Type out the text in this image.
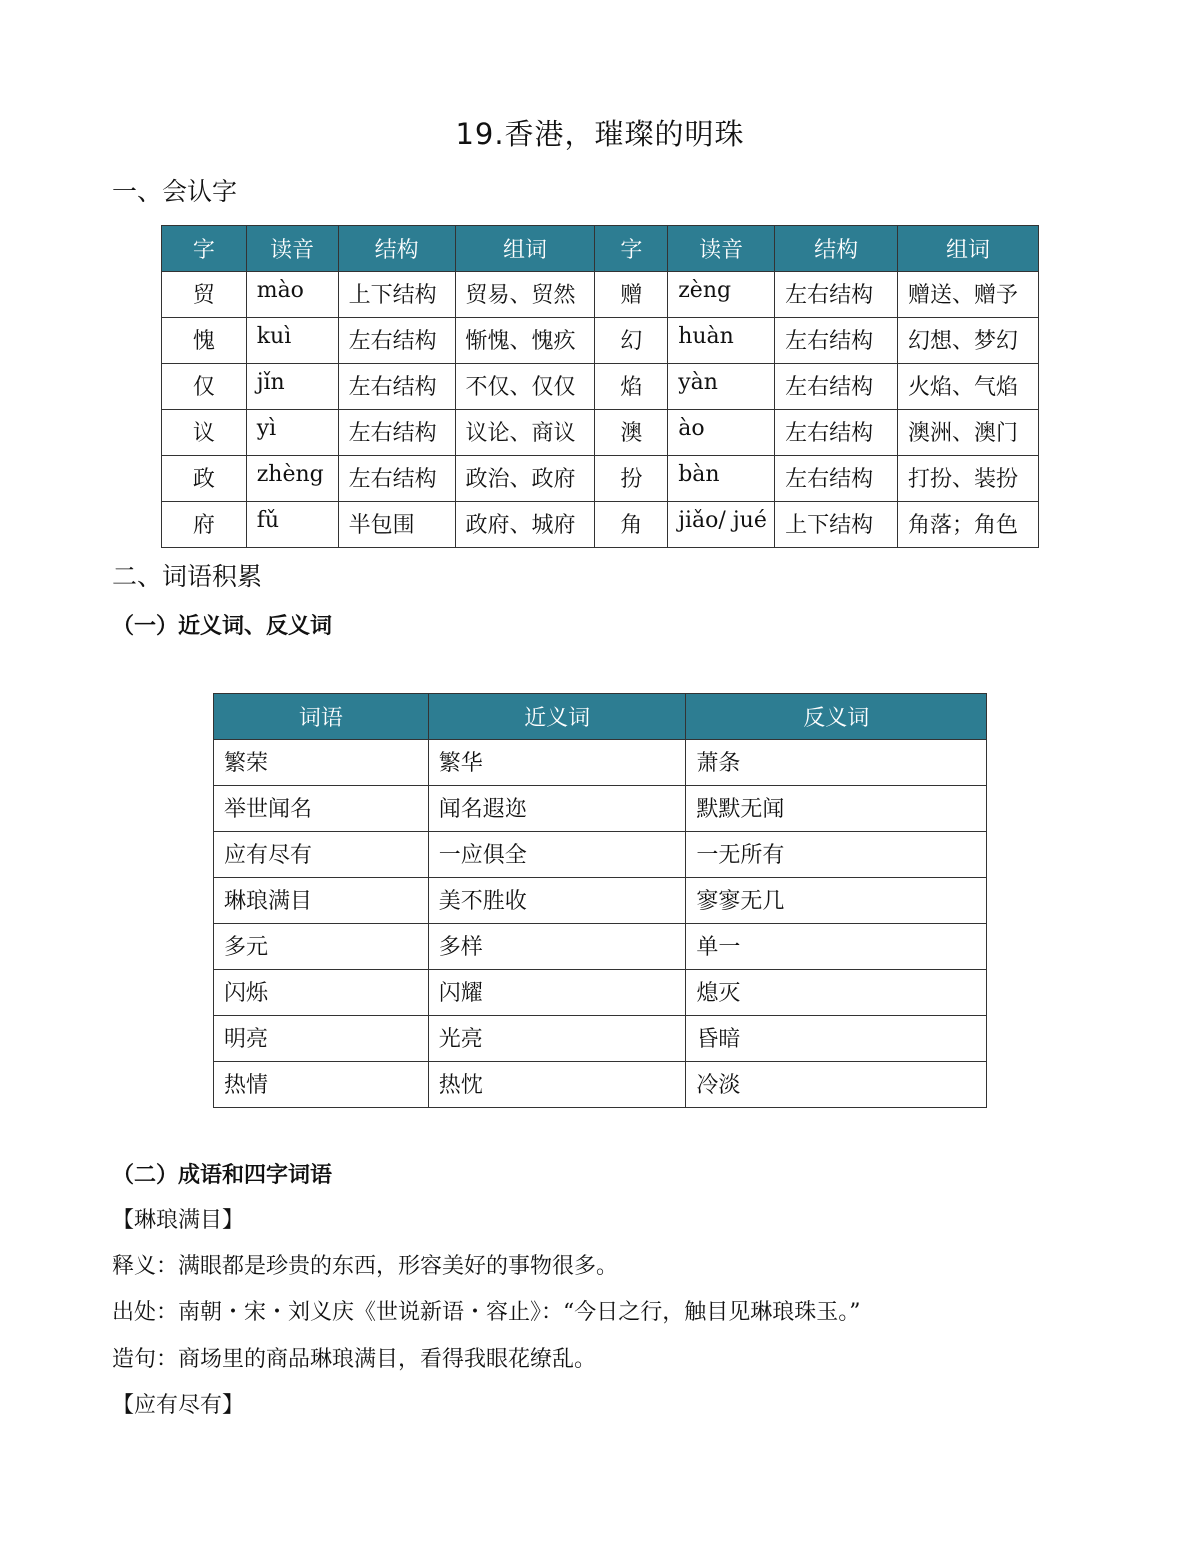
19.香港，璀璨的明珠
一、会认字
字	读音	结构	组词	字	读音	结构	组词
贸	mào	上下结构	贸易、贸然	赠	zèng	左右结构	赠送、赠予
愧	kuì	左右结构	惭愧、愧疚	幻	huàn	左右结构	幻想、梦幻
仅	jǐn	左右结构	不仅、仅仅	焰	yàn	左右结构	火焰、气焰
议	yì	左右结构	议论、商议	澳	ào	左右结构	澳洲、澳门
政	zhèng	左右结构	政治、政府	扮	bàn	左右结构	打扮、装扮
府	fǔ	半包围	政府、城府	角	jiǎo/ jué	上下结构	角落；角色
二、词语积累
（一）近义词、反义词
词语	近义词	反义词
繁荣	繁华	萧条
举世闻名	闻名遐迩	默默无闻
应有尽有	一应俱全	一无所有
琳琅满目	美不胜收	寥寥无几
多元	多样	单一
闪烁	闪耀	熄灭
明亮	光亮	昏暗
热情	热忱	冷淡
（二）成语和四字词语
【琳琅满目】
释义：满眼都是珍贵的东西，形容美好的事物很多。
出处：南朝・宋・刘义庆《世说新语・容止》：“今日之行，触目见琳琅珠玉。”
造句：商场里的商品琳琅满目，看得我眼花缭乱。
【应有尽有】
